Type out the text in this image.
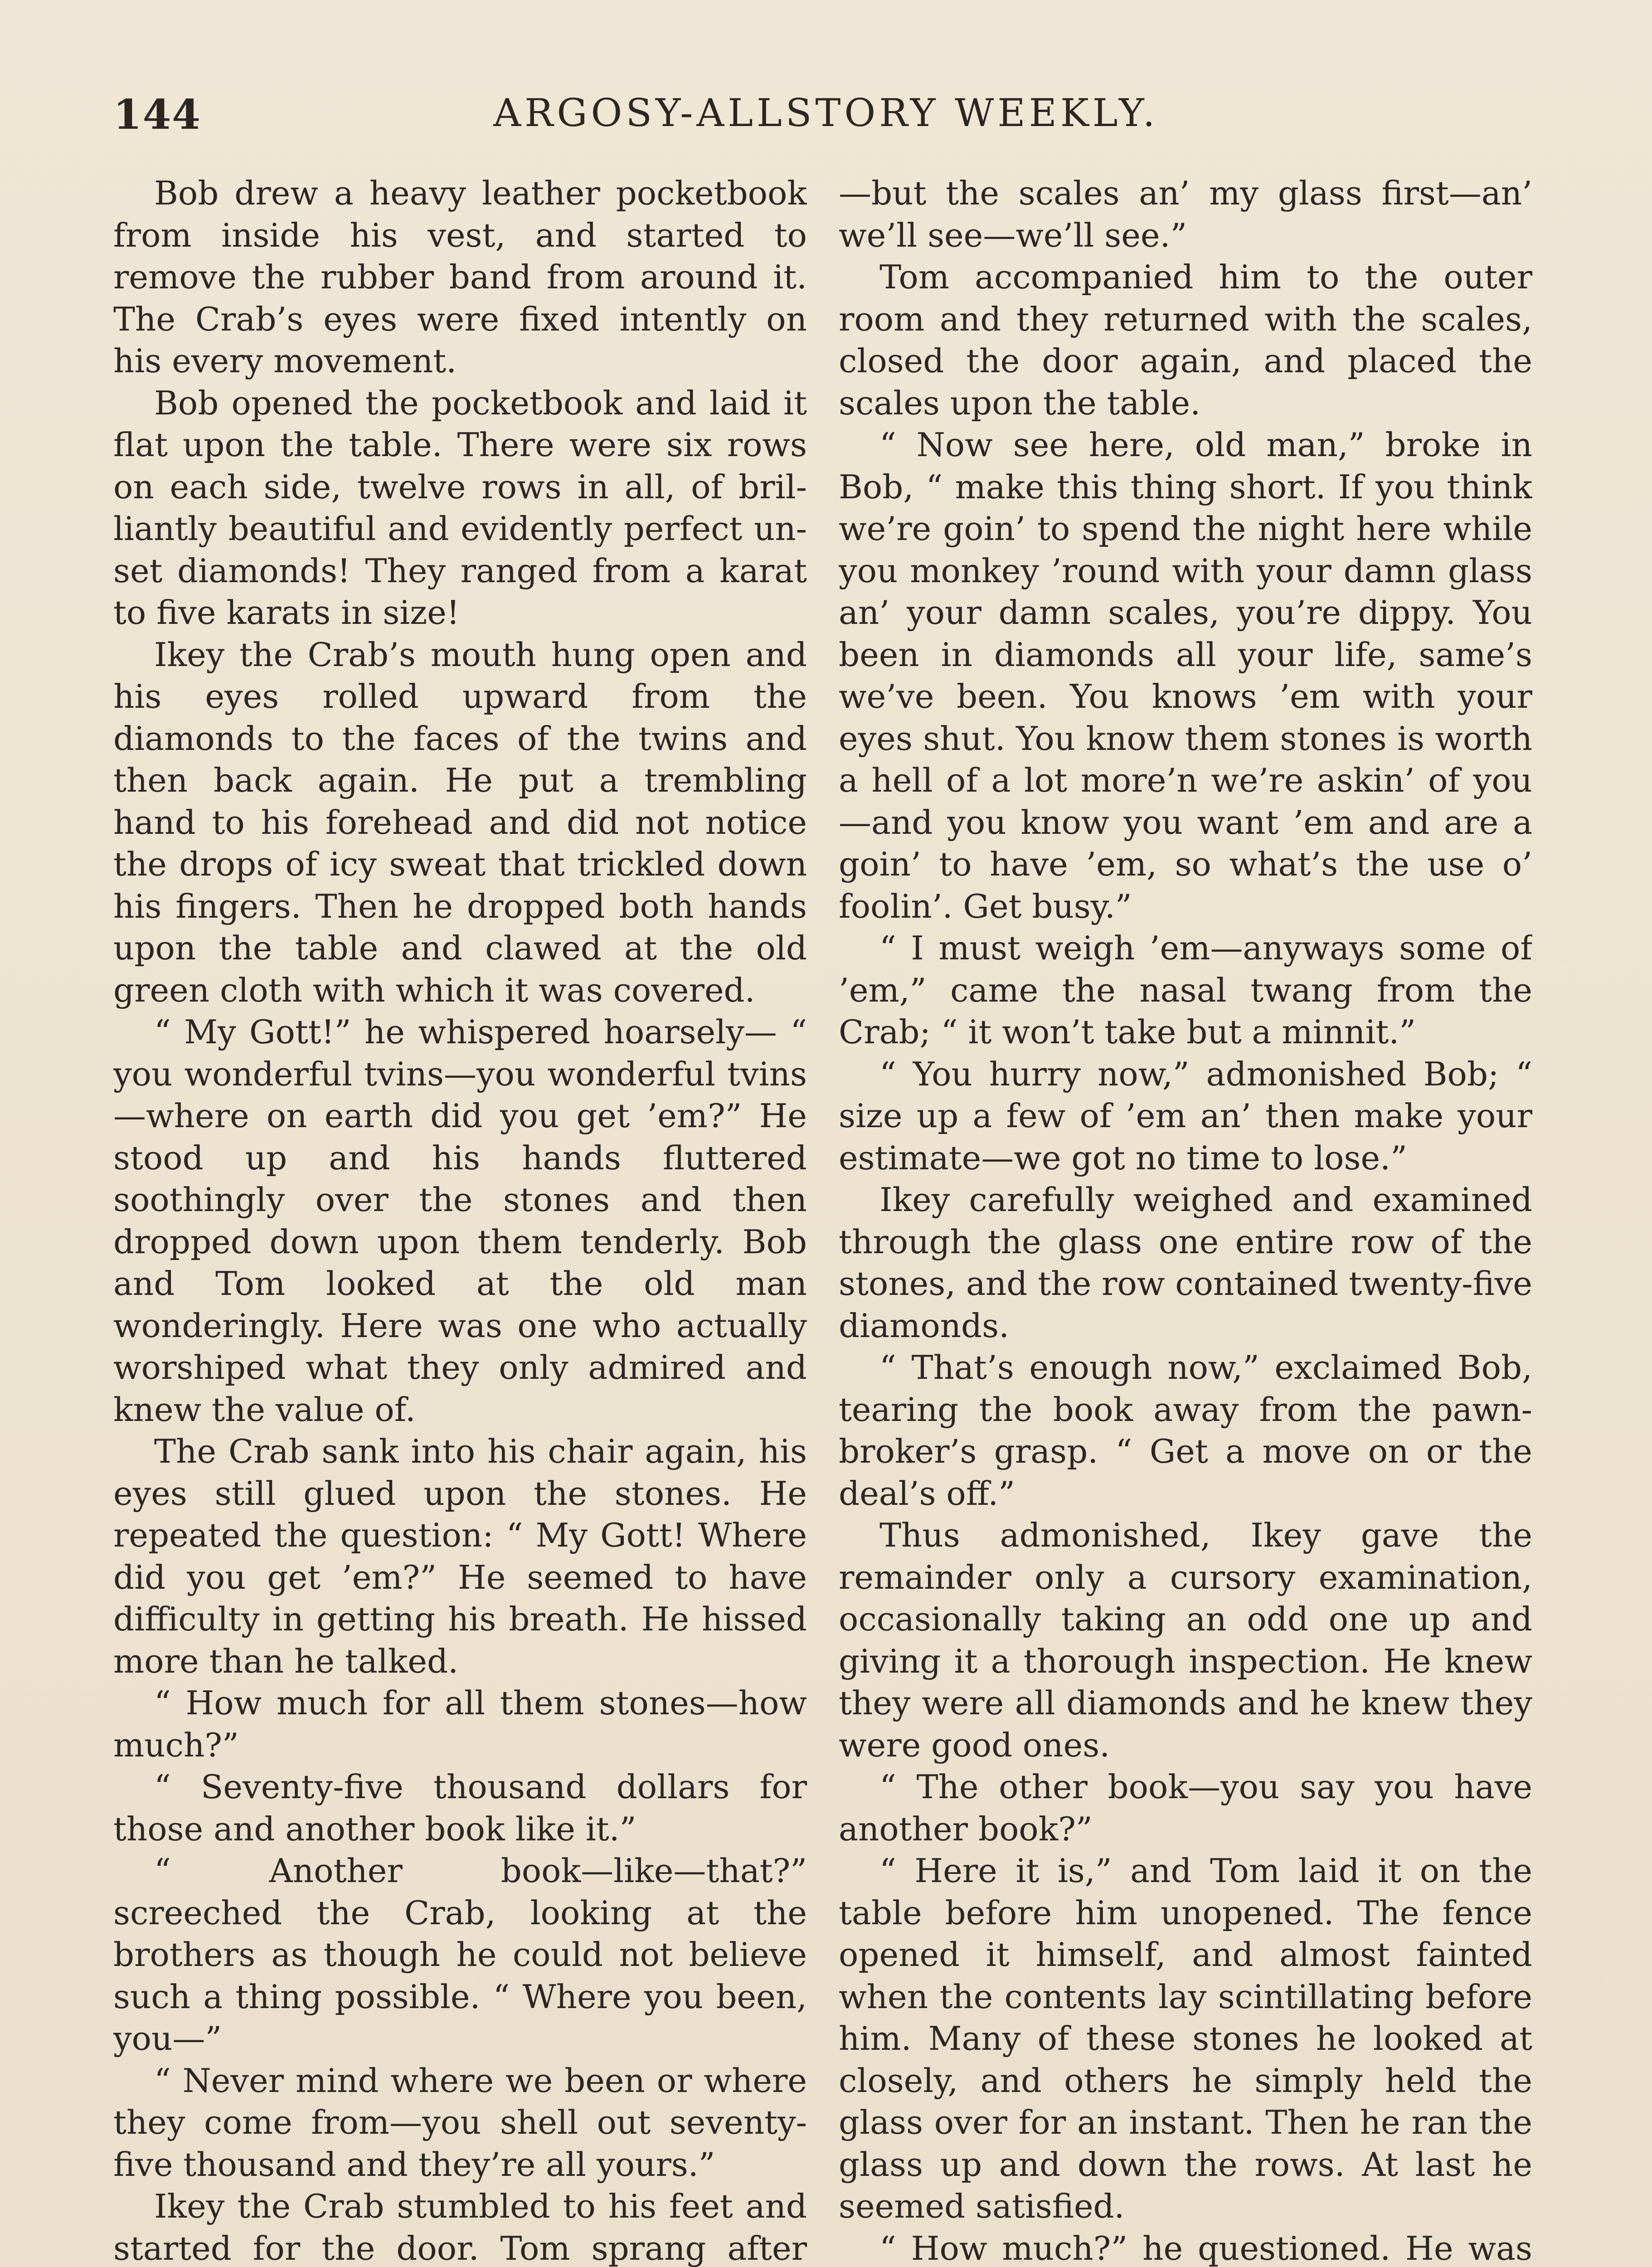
144	ARGOSY-ALLSTORY WEEKLY.

Bob drew a heavy leather pocketbook from inside his vest, and started to remove the rubber band from around it. The Crab’s eyes were fixed intently on his every movement.

Bob opened the pocketbook and laid it flat upon the table. There were six rows on each side, twelve rows in all, of brilliantly beautiful and evidently perfect unset diamonds! They ranged from a karat to five karats in size!

Ikey the Crab’s mouth hung open and his eyes rolled upward from the diamonds to the faces of the twins and then back again. He put a trembling hand to his forehead and did not notice the drops of icy sweat that trickled down his fingers. Then he dropped both hands upon the table and clawed at the old green cloth with which it was covered.

“ My Gott!” he whispered hoarsely— “ you wonderful tvins—you wonderful tvins —where on earth did you get ’em?” He stood up and his hands fluttered soothingly over the stones and then dropped down upon them tenderly. Bob and Tom looked at the old man wonderingly. Here was one who actually worshiped what they only admired and knew the value of.

The Crab sank into his chair again, his eyes still glued upon the stones. He repeated the question: “ My Gott! Where did you get ’em?” He seemed to have difficulty in getting his breath. He hissed more than he talked.

“ How much for all them stones—how much?”

“ Seventy-five thousand dollars for those and another book like it.”

“ Another book—like—that?” screeched the Crab, looking at the brothers as though he could not believe such a thing possible. “ Where you been, you—”

“ Never mind where we been or where they come from—you shell out seventy-five thousand and they’re all yours.”

Ikey the Crab stumbled to his feet and started for the door. Tom sprang after

—but the scales an’ my glass first—an’ we’ll see—we’ll see.”

Tom accompanied him to the outer room and they returned with the scales, closed the door again, and placed the scales upon the table.

“ Now see here, old man,” broke in Bob, “ make this thing short. If you think we’re goin’ to spend the night here while you monkey ’round with your damn glass an’ your damn scales, you’re dippy. You been in diamonds all your life, same’s we’ve been. You knows ’em with your eyes shut. You know them stones is worth a hell of a lot more’n we’re askin’ of you—and you know you want ’em and are a goin’ to have ’em, so what’s the use o’ foolin’. Get busy.”

“ I must weigh ’em—anyways some of ’em,” came the nasal twang from the Crab; “ it won’t take but a minnit.”

“ You hurry now,” admonished Bob; “ size up a few of ’em an’ then make your estimate—we got no time to lose.”

Ikey carefully weighed and examined through the glass one entire row of the stones, and the row contained twenty-five diamonds.

“ That’s enough now,” exclaimed Bob, tearing the book away from the pawnbroker’s grasp. “ Get a move on or the deal’s off.”

Thus admonished, Ikey gave the remainder only a cursory examination, occasionally taking an odd one up and giving it a thorough inspection. He knew they were all diamonds and he knew they were good ones.

“ The other book—you say you have another book?”

“ Here it is,” and Tom laid it on the table before him unopened. The fence opened it himself, and almost fainted when the contents lay scintillating before him. Many of these stones he looked at closely, and others he simply held the glass over for an instant. Then he ran the glass up and down the rows. At last he seemed satisfied.

“ How much?” he questioned. He was
